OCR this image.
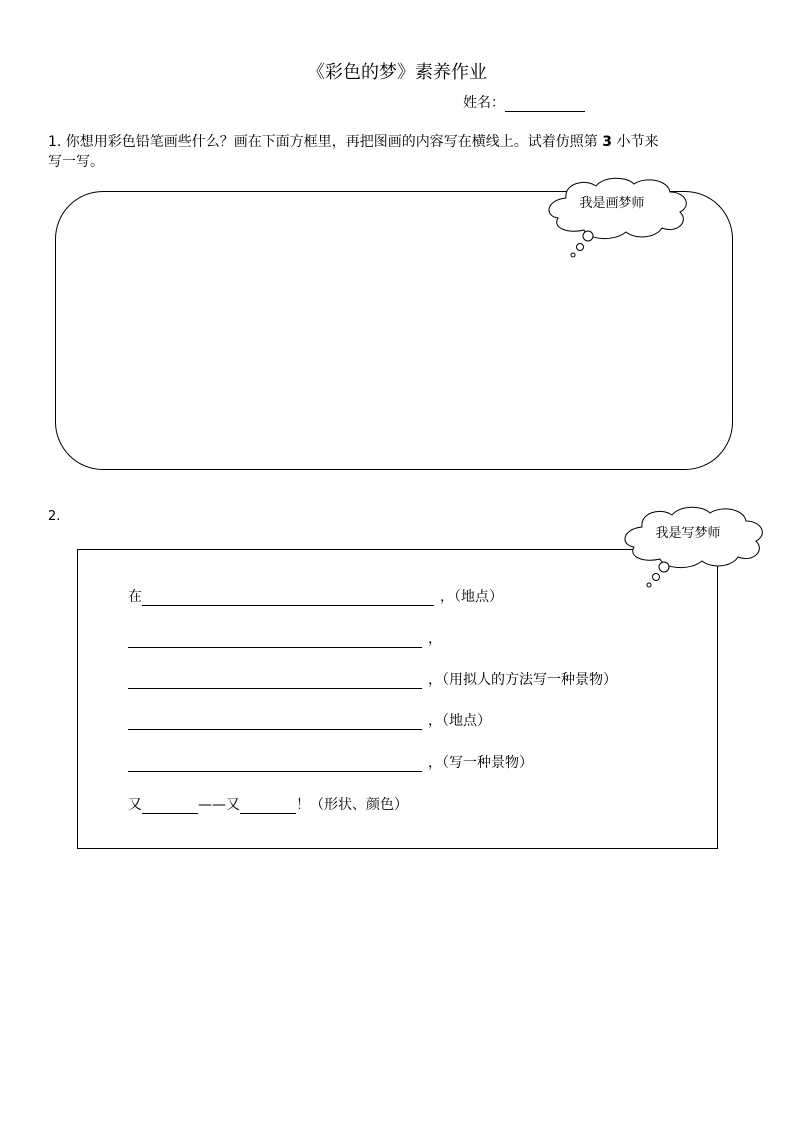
《彩色的梦》素养作业
姓名：
1. 你想用彩色铅笔画些什么？画在下面方框里，再把图画的内容写在横线上。试着仿照第 3 小节来
写一写。
我是画梦师
2.
我是写梦师
在	，（地点）
，
，（用拟人的方法写一种景物）
，（地点）
，（写一种景物）
又	——又	！（形状、颜色）
